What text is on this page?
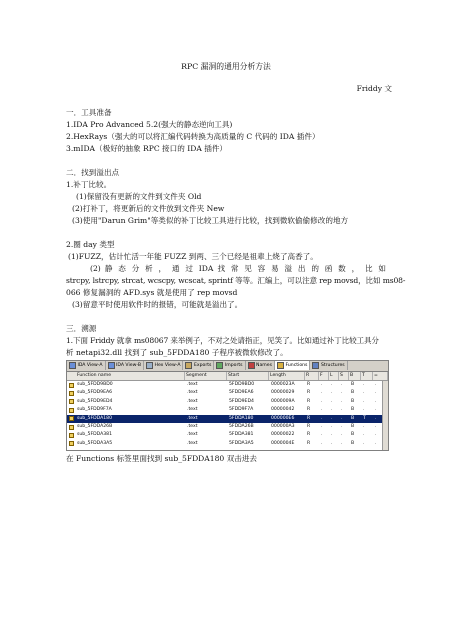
RPC 漏洞的通用分析方法
Friddy 文
一．工具准备
1.IDA Pro Advanced 5.2(强大的静态逆向工具)
2.HexRays（强大的可以将汇编代码转换为高质量的 C 代码的 IDA 插件）
3.mIDA（极好的抽象 RPC 接口的 IDA 插件）
二．找到溢出点
1.补丁比较。
(1)保留没有更新的文件到文件夹 Old
(2)打补丁，将更新后的文件放到文件夹 New
(3)使用"Darun Grim"等类似的补丁比较工具进行比较，找到微软偷偷修改的地方
2.圈 day 类型
(1)FUZZ，估计忙活一年能 FUZZ 到两、三个已经是祖辈上烧了高香了。
(2) 静 态 分 析 ， 通 过 IDA 找 常 见 容 易 溢 出 的 函 数 ， 比 如
strcpy, lstrcpy, strcat, wcscpy, wcscat, sprintf 等等。汇编上，可以注意 rep movsd，比如 ms08-
066 修复漏洞的 AFD.sys 就是使用了 rep movsd
(3)留意平时使用软件时的报错，可能就是溢出了。
三．溯源
1.下面 Friddy 就拿 ms08067 来举例子，不对之处请指正，见笑了。比如通过补丁比较工具分
析 netapi32.dll 找到了 sub_5FDDA180 子程序被微软修改了。
IDA View-A	IDA View-B	Hex View-A	Exports	Imports	Names	Functions	Structures
Function name	Segment	Start	Length	R	F	L	S	B	T	=
sub_5FDD9BD0	.text	5FDD9BD0	0000023A	R . . . B . .
sub_5FDD9EA6	.text	5FDD9EA6	00000029	R . . . B . .
sub_5FDD9ED4	.text	5FDD9ED4	0000009A	R . . . B . .
sub_5FDD9F7A	.text	5FDD9F7A	00000042	R . . . B . .
sub_5FDDA180	.text	5FDDA180	000000E6	R . . . B T .
sub_5FDDA26B	.text	5FDDA26B	000000A3	R . . . B . .
sub_5FDDA381	.text	5FDDA381	00000022	R . . . B . .
sub_5FDDA3A5	.text	5FDDA3A5	0000004E	R . . . B . .
在 Functions 标签里面找到 sub_5FDDA180 双击进去
